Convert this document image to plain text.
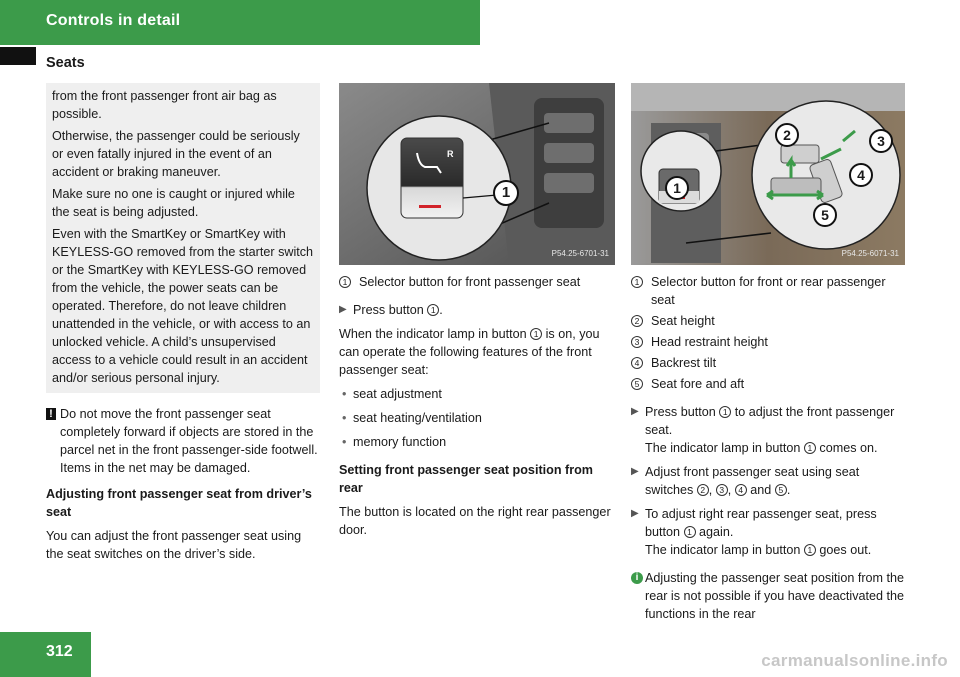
Controls in detail
Seats

from the front passenger front air bag as possible.

Otherwise, the passenger could be seriously or even fatally injured in the event of an accident or braking maneuver.

Make sure no one is caught or injured while the seat is being adjusted.

Even with the SmartKey or SmartKey with KEYLESS-GO removed from the starter switch or the SmartKey with KEYLESS-GO removed from the vehicle, the power seats can be operated. Therefore, do not leave children unattended in the vehicle, or with access to an unlocked vehicle. A child’s unsupervised access to a vehicle could result in an accident and/or serious personal injury.

! Do not move the front passenger seat completely forward if objects are stored in the parcel net in the front passenger-side footwell. Items in the net may be damaged.

Adjusting front passenger seat from driver’s seat

You can adjust the front passenger seat using the seat switches on the driver’s side.

R
1
P54.25-6701-31
1 Selector button for front passenger seat
▶ Press button 1 .

When the indicator lamp in button 1 is on, you can operate the following features of the front passenger seat:

• seat adjustment
• seat heating/ventilation
• memory function

Setting front passenger seat position from rear

The button is located on the right rear passenger door.

1
2	3
4
5
P54.25-6071-31
1 Selector button for front or rear passenger seat
2 Seat height
3 Head restraint height
4 Backrest tilt
5 Seat fore and aft
▶ Press button 1 to adjust the front passenger seat.
The indicator lamp in button 1 comes on.
▶ Adjust front passenger seat using seat switches 2 , 3 , 4 and 5 .
▶ To adjust right rear passenger seat, press button 1 again.
The indicator lamp in button 1 goes out.
i Adjusting the passenger seat position from the rear is not possible if you have deactivated the functions in the rear
312	carmanualsonline.info
